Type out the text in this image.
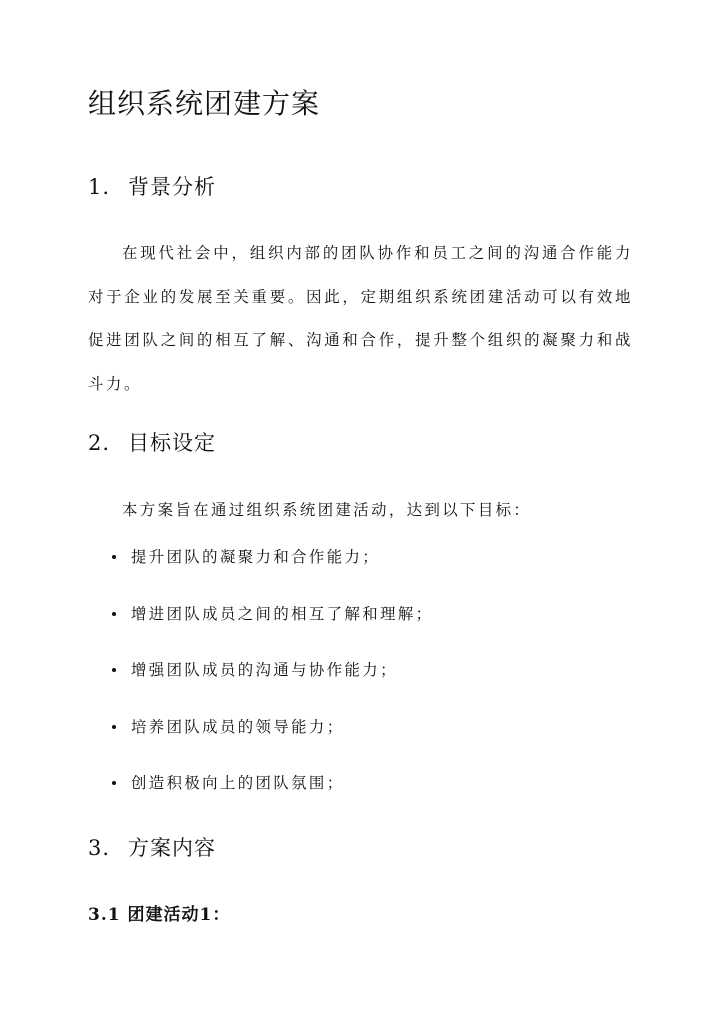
组织系统团建方案
1. 背景分析

在现代社会中，组织内部的团队协作和员工之间的沟通合作能力对于企业的发展至关重要。因此，定期组织系统团建活动可以有效地促进团队之间的相互了解、沟通和合作，提升整个组织的凝聚力和战斗力。

2. 目标设定

本方案旨在通过组织系统团建活动，达到以下目标：

提升团队的凝聚力和合作能力；
增进团队成员之间的相互了解和理解；
增强团队成员的沟通与协作能力；
培养团队成员的领导能力；
创造积极向上的团队氛围；
3. 方案内容
3.1 团建活动1：
